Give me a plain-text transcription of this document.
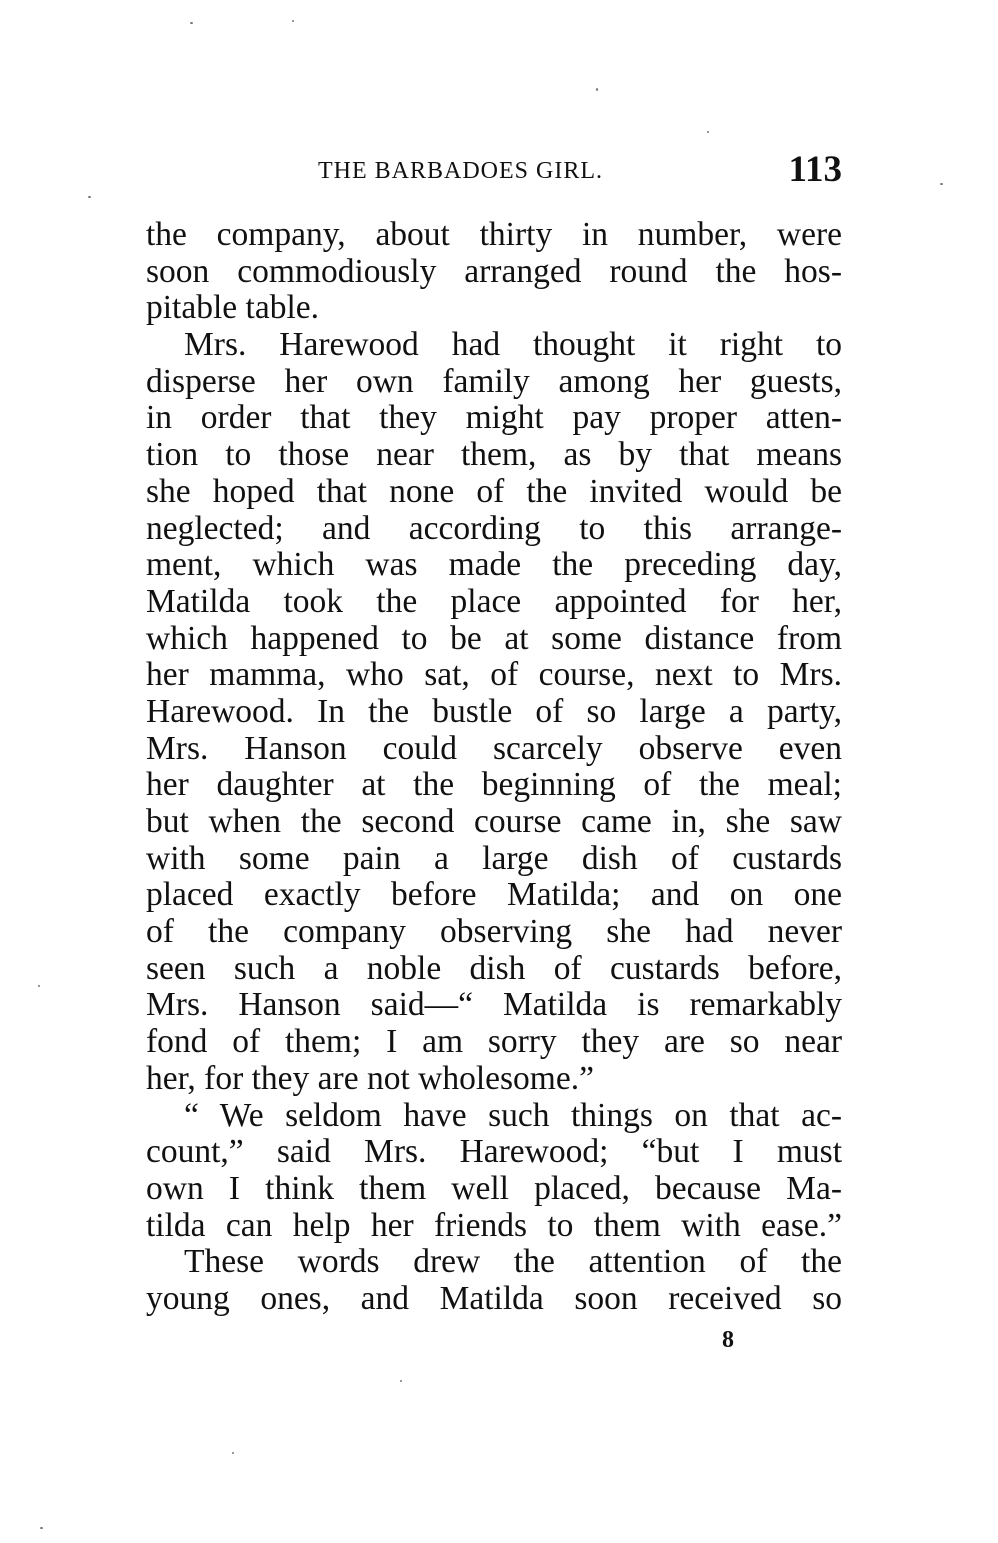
THE BARBADOES GIRL.	113
the company, about thirty in number, were
soon commodiously arranged round the hos-
pitable table.
Mrs. Harewood had thought it right to
disperse her own family among her guests,
in order that they might pay proper atten-
tion to those near them, as by that means
she hoped that none of the invited would be
neglected; and according to this arrange-
ment, which was made the preceding day,
Matilda took the place appointed for her,
which happened to be at some distance from
her mamma, who sat, of course, next to Mrs.
Harewood. In the bustle of so large a party,
Mrs. Hanson could scarcely observe even
her daughter at the beginning of the meal;
but when the second course came in, she saw
with some pain a large dish of custards
placed exactly before Matilda; and on one
of the company observing she had never
seen such a noble dish of custards before,
Mrs. Hanson said—“ Matilda is remarkably
fond of them; I am sorry they are so near
her, for they are not wholesome.”
“ We seldom have such things on that ac-
count,” said Mrs. Harewood; “but I must
own I think them well placed, because Ma-
tilda can help her friends to them with ease.”
These words drew the attention of the
young ones, and Matilda soon received so
8
